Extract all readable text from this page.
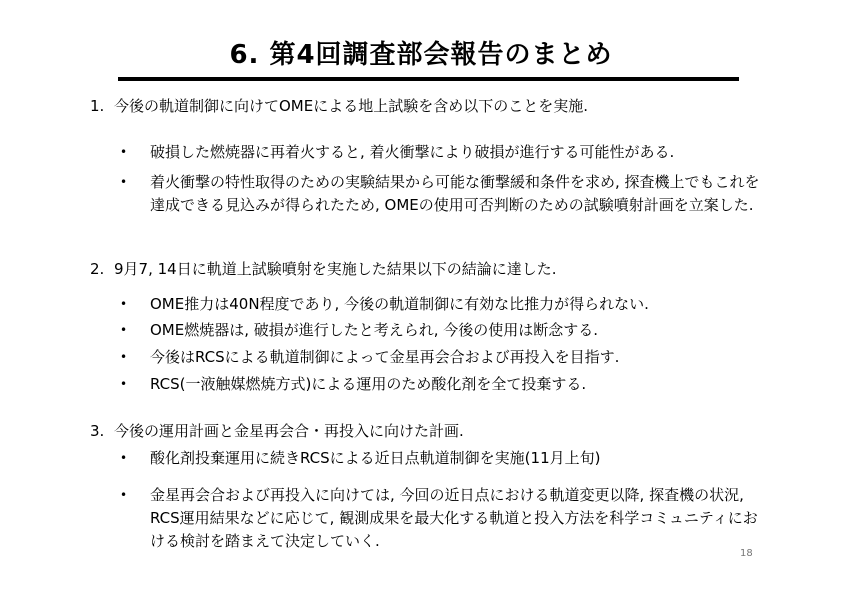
6. 第4回調査部会報告のまとめ
1. 今後の軌道制御に向けてOMEによる地上試験を含め以下のことを実施.
•	破損した燃焼器に再着火すると, 着火衝撃により破損が進行する可能性がある.
•	着火衝撃の特性取得のための実験結果から可能な衝撃緩和条件を求め, 探査機上でもこれを達成できる見込みが得られたため, OMEの使用可否判断のための試験噴射計画を立案した.
2. 9月7, 14日に軌道上試験噴射を実施した結果以下の結論に達した.
•	OME推力は40N程度であり, 今後の軌道制御に有効な比推力が得られない.
•	OME燃焼器は, 破損が進行したと考えられ, 今後の使用は断念する.
•	今後はRCSによる軌道制御によって金星再会合および再投入を目指す.
•	RCS(一液触媒燃焼方式)による運用のため酸化剤を全て投棄する.
3. 今後の運用計画と金星再会合・再投入に向けた計画.
•	酸化剤投棄運用に続きRCSによる近日点軌道制御を実施(11月上旬)
•	金星再会合および再投入に向けては, 今回の近日点における軌道変更以降, 探査機の状況, RCS運用結果などに応じて, 観測成果を最大化する軌道と投入方法を科学コミュニティにおける検討を踏まえて決定していく.
18
